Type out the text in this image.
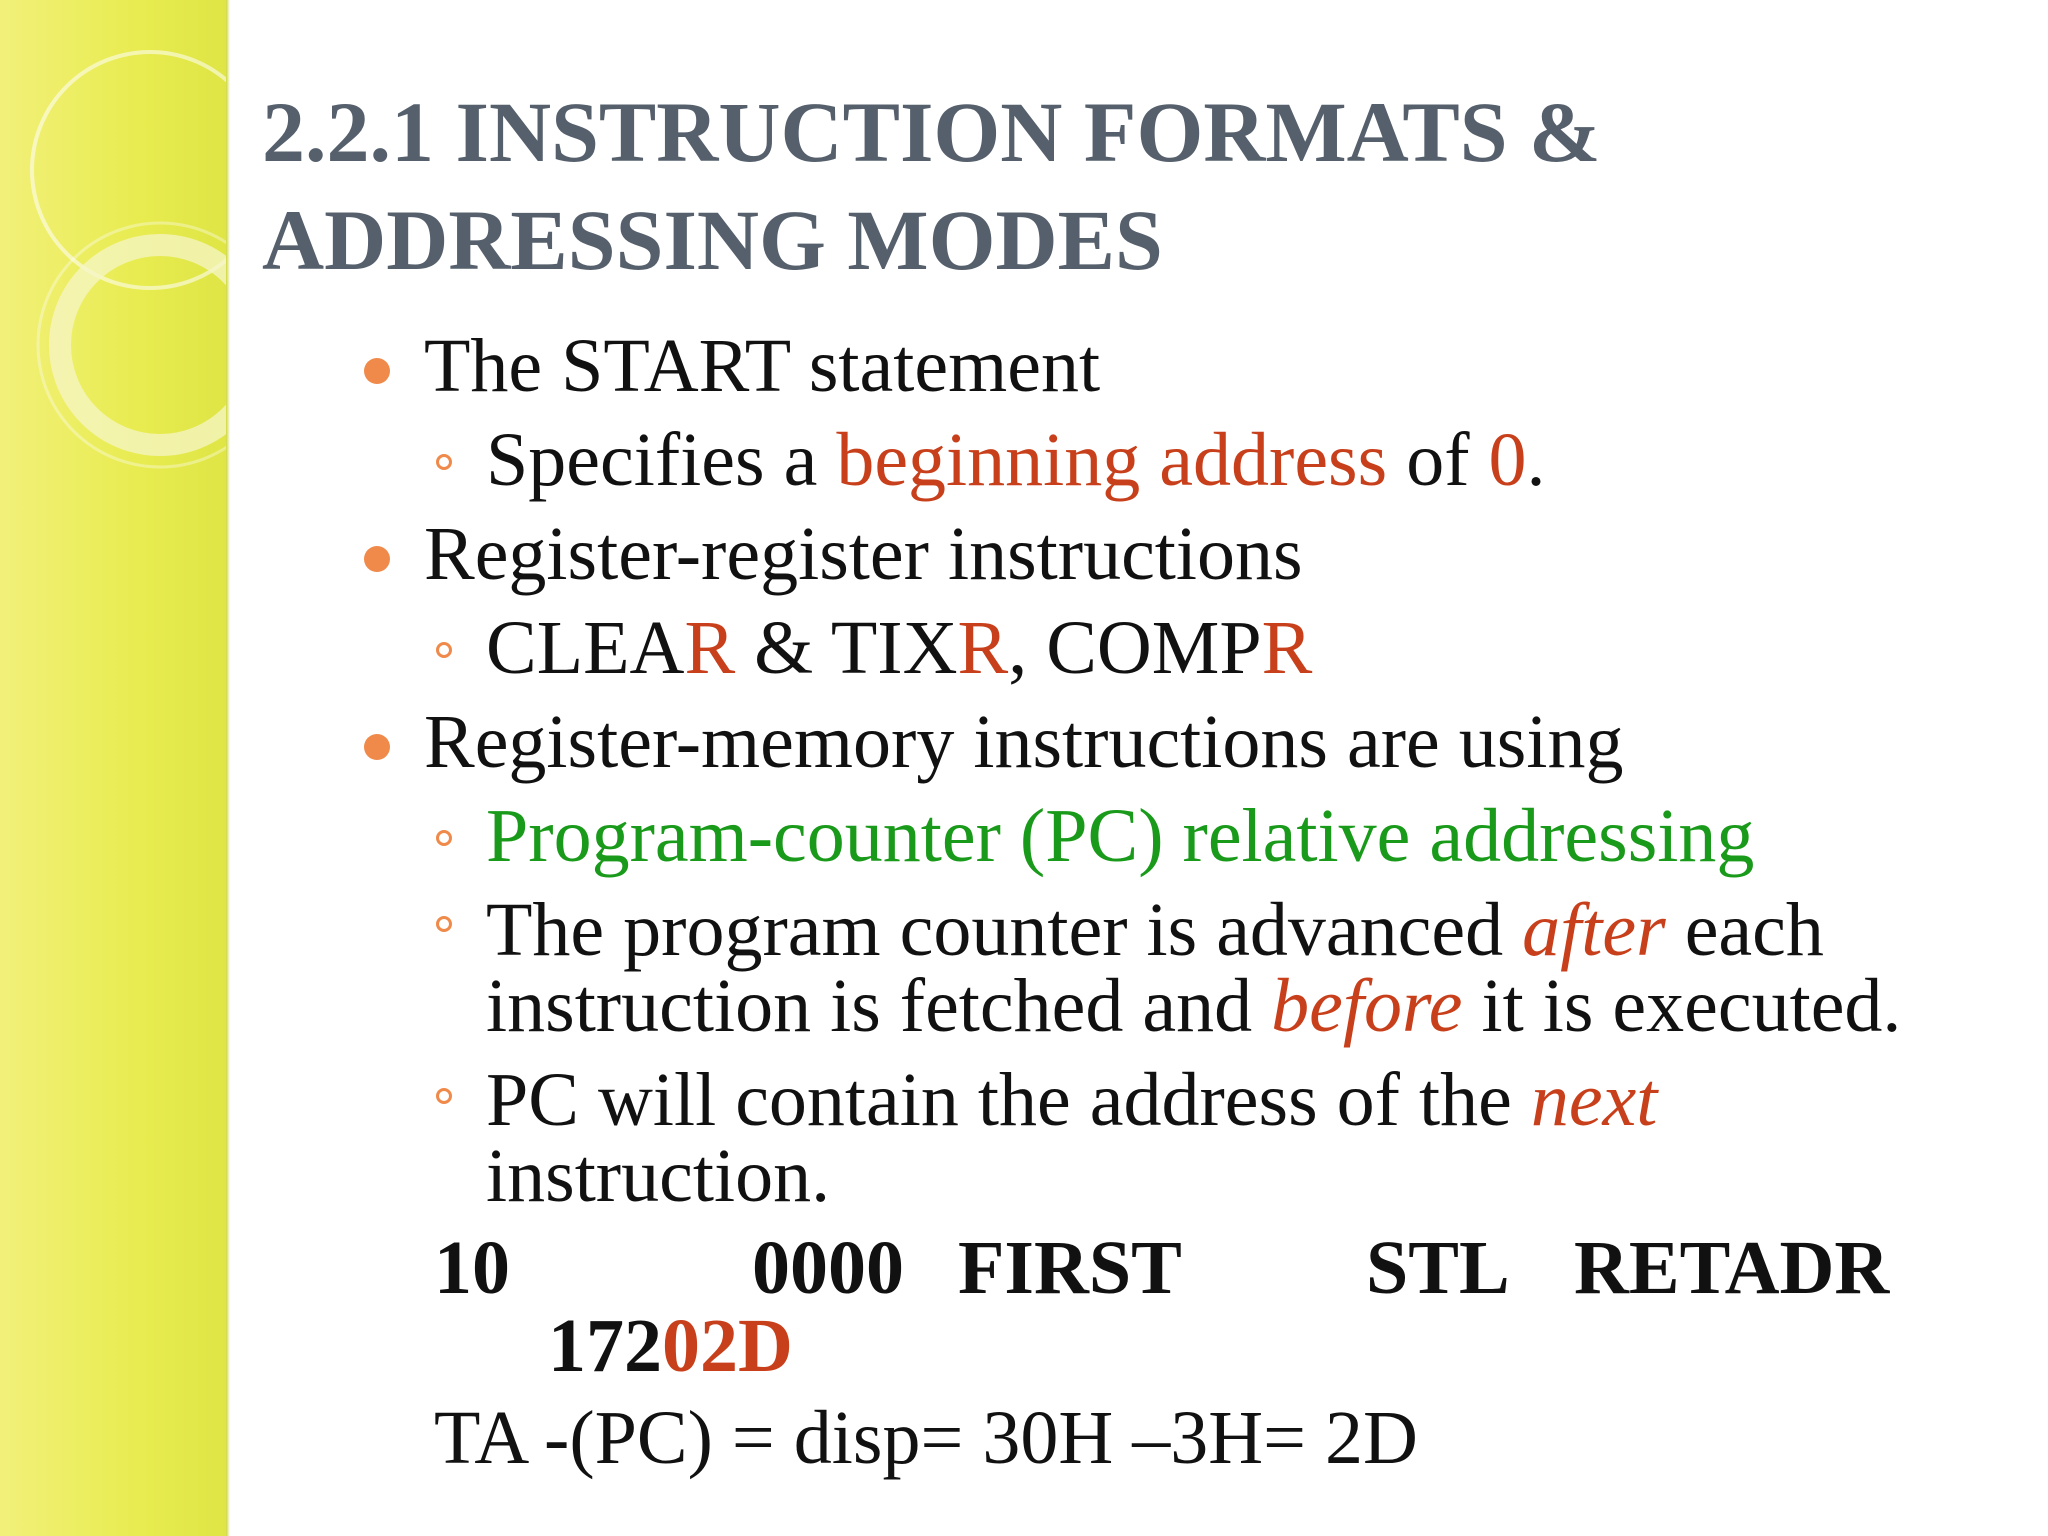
2.2.1 INSTRUCTION FORMATS &
ADDRESSING MODES
The START statement
Specifies a beginning address of 0.
Register-register instructions
CLEAR & TIXR, COMPR
Register-memory instructions are using
Program-counter (PC) relative addressing
The program counter is advanced after each
instruction is fetched and before it is executed.
PC will contain the address of the next
instruction.
10	0000 FIRST STL RETADR
17202D
TA -(PC) = disp= 30H –3H= 2D
